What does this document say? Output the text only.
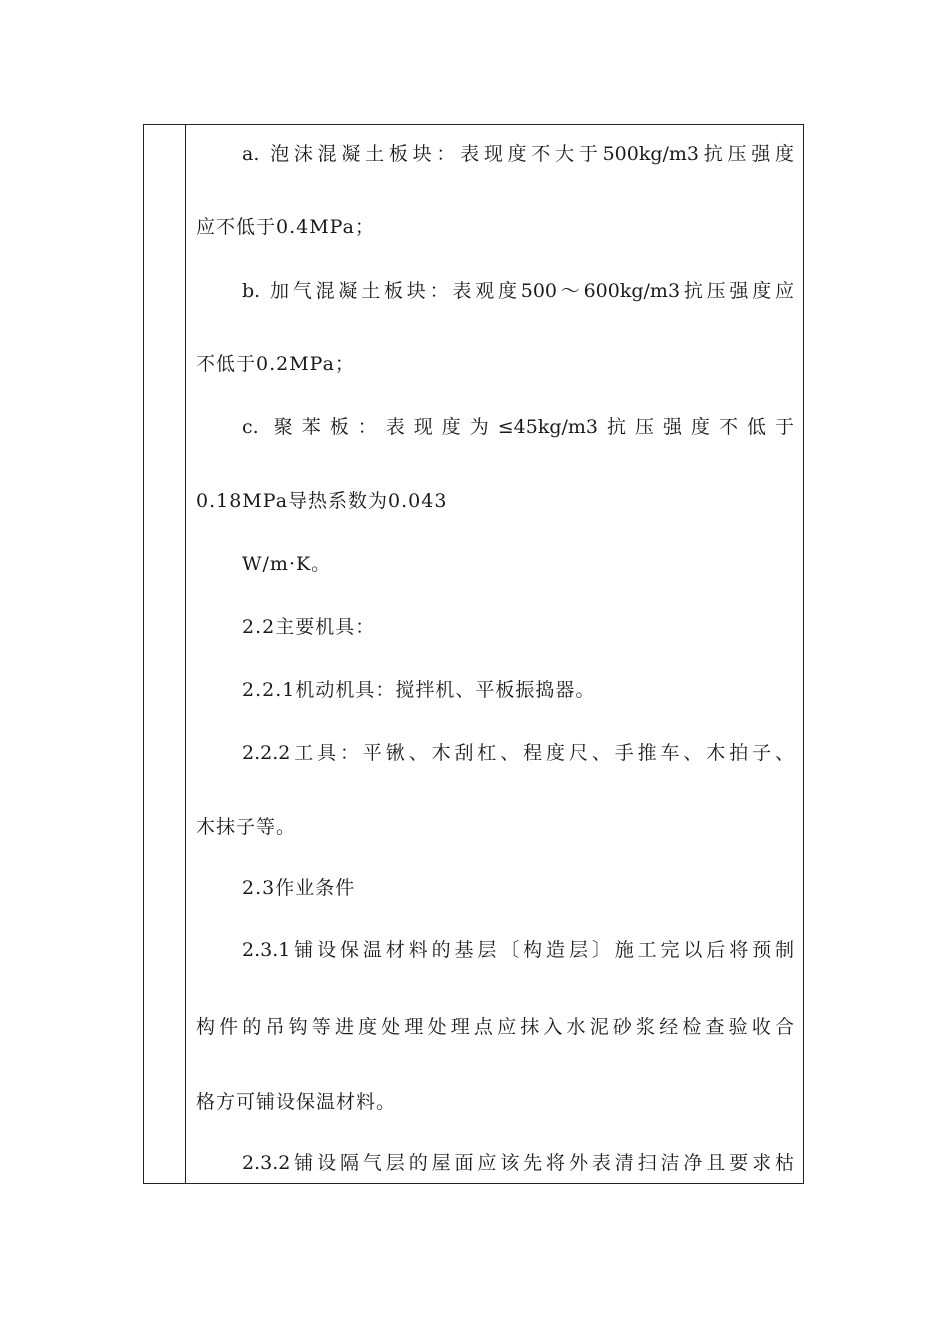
a. 泡沫混凝土板块：表现度不大于500kg/m3抗压强度
应不低于0.4MPa；
b. 加气混凝土板块：表观度500～600kg/m3抗压强度应
不低于0.2MPa；
c. 聚苯板：表现度为≤45kg/m3抗压强度不低于
0.18MPa导热系数为0.043
W/m·K。
2.2主要机具：
2.2.1机动机具：搅拌机、平板振捣器。
2.2.2工具：平锹、木刮杠、程度尺、手推车、木拍子、
木抹子等。
2.3作业条件
2.3.1铺设保温材料的基层〔构造层〕施工完以后将预制
构件的吊钩等进度处理处理点应抹入水泥砂浆经检查验收合
格方可铺设保温材料。
2.3.2铺设隔气层的屋面应该先将外表清扫洁净且要求枯
